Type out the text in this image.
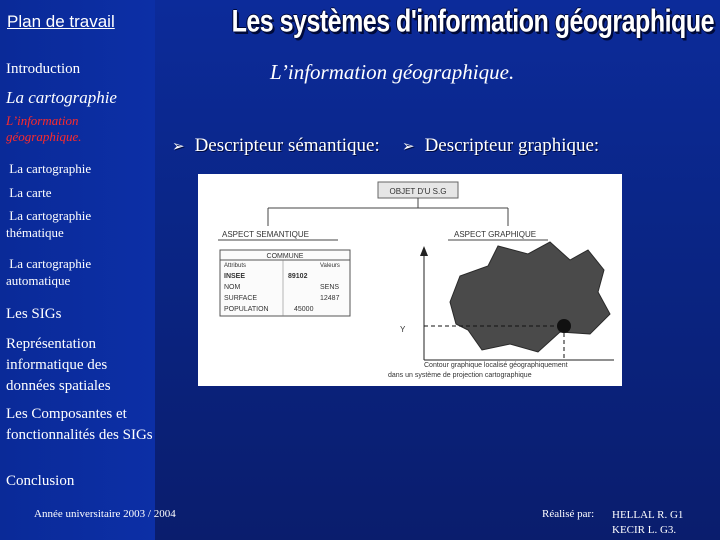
Plan de travail	Les systèmes d'information géographique
Introduction
La cartographie
L’information géographique.
La cartographie
La carte
La cartographie thématique
La cartographie automatique
Les SIGs
Représentation informatique des données spatiales
Les Composantes et fonctionnalités des SIGs
Conclusion
L’information géographique.
➢ Descripteur sémantique: ➢ Descripteur graphique:
OBJET D'U S.G
ASPECT SEMANTIQUE	ASPECT GRAPHIQUE
COMMUNE
Attributs	Valeurs
INSEE	89102
NOM	SENS
SURFACE	12487
POPULATION	45000
Y
Contour graphique localisé géographiquement
dans un système de projection cartographique
Année universitaire 2003 / 2004	Réalisé par: HELLAL R. G1
KECIR L. G3.
